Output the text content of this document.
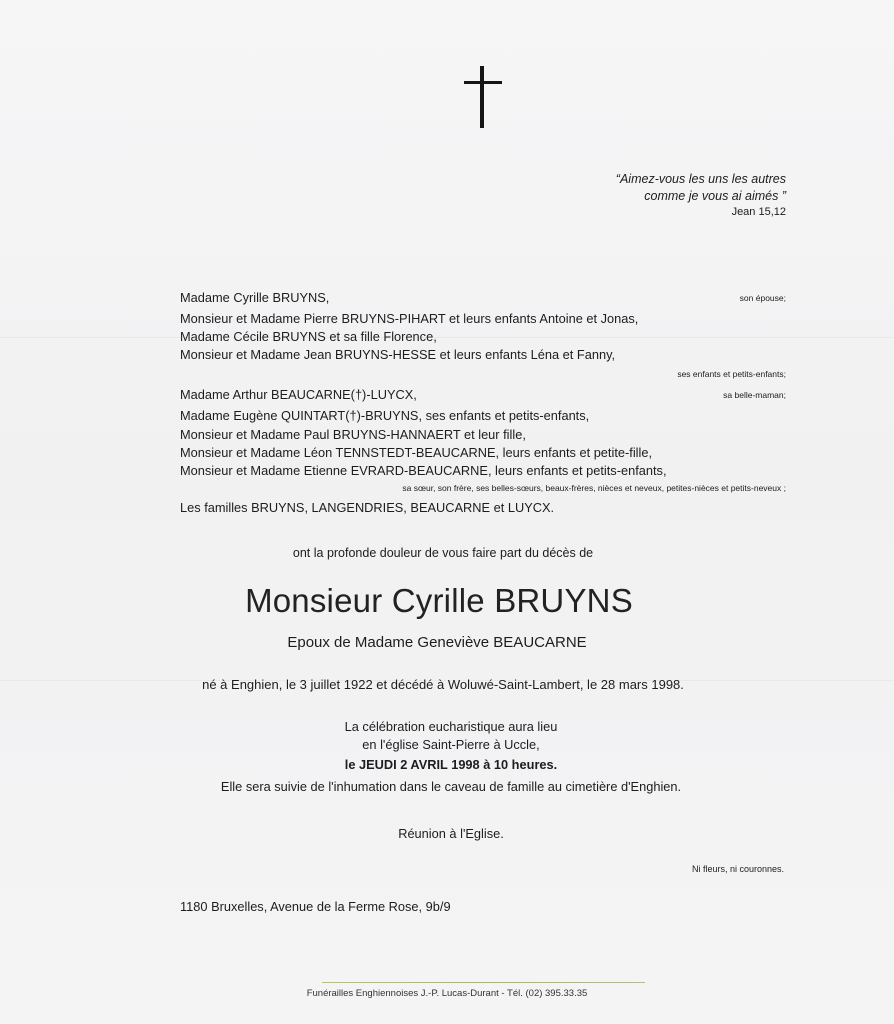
“Aimez-vous les uns les autres
comme je vous ai aimés ”
Jean 15,12
Madame Cyrille BRUYNS,	son épouse;
Monsieur et Madame Pierre BRUYNS-PIHART et leurs enfants Antoine et Jonas,
Madame Cécile BRUYNS et sa fille Florence,
Monsieur et Madame Jean BRUYNS-HESSE et leurs enfants Léna et Fanny,
ses enfants et petits-enfants;
Madame Arthur BEAUCARNE(†)-LUYCX,	sa belle-maman;
Madame Eugène QUINTART(†)-BRUYNS, ses enfants et petits-enfants,
Monsieur et Madame Paul BRUYNS-HANNAERT et leur fille,
Monsieur et Madame Léon TENNSTEDT-BEAUCARNE, leurs enfants et petite-fille,
Monsieur et Madame Etienne EVRARD-BEAUCARNE, leurs enfants et petits-enfants,
sa sœur, son frère, ses belles-sœurs, beaux-frères, nièces et neveux, petites-nièces et petits-neveux ;
Les familles BRUYNS, LANGENDRIES, BEAUCARNE et LUYCX.
ont la profonde douleur de vous faire part du décès de
Monsieur Cyrille BRUYNS
Epoux de Madame Geneviève BEAUCARNE
né à Enghien, le 3 juillet 1922 et décédé à Woluwé-Saint-Lambert, le 28 mars 1998.
La célébration eucharistique aura lieu
en l'église Saint-Pierre à Uccle,
le JEUDI 2 AVRIL 1998 à 10 heures.
Elle sera suivie de l'inhumation dans le caveau de famille au cimetière d'Enghien.
Réunion à l'Eglise.
Ni fleurs, ni couronnes.
1180 Bruxelles, Avenue de la Ferme Rose, 9b/9
Funérailles Enghiennoises J.-P. Lucas-Durant - Tél. (02) 395.33.35
